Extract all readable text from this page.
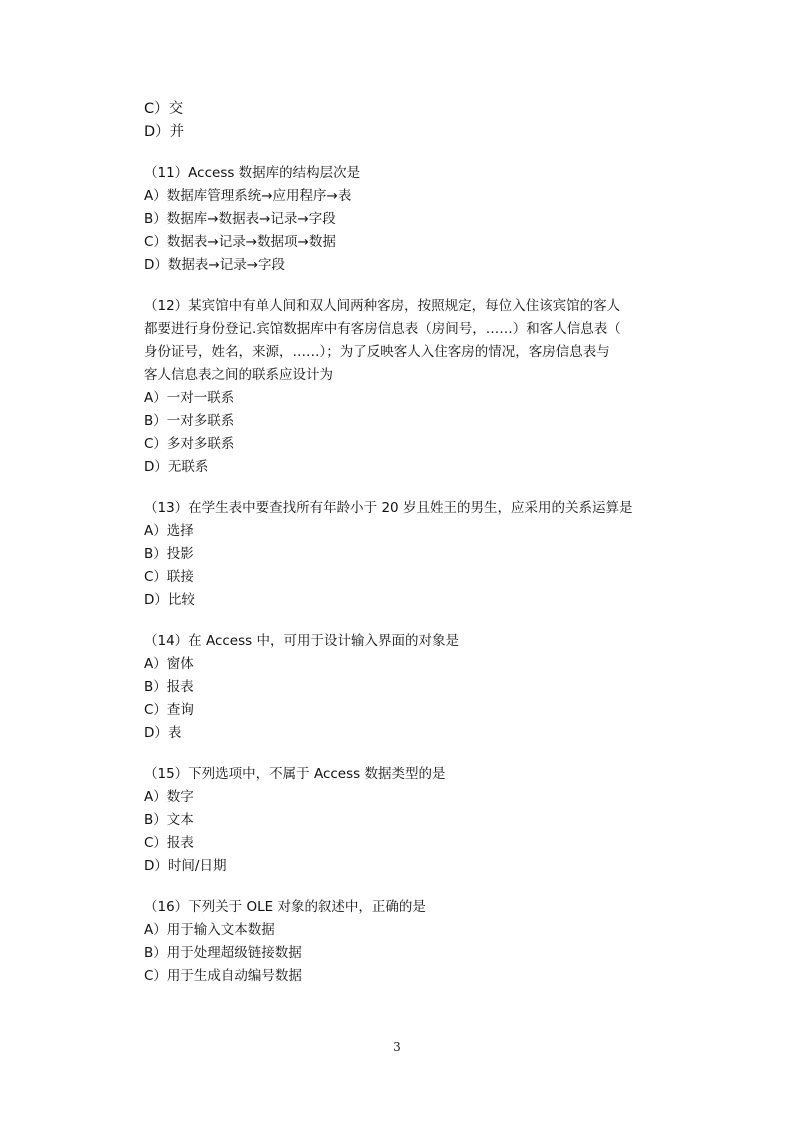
C）交
D）并
（11）Access 数据库的结构层次是
A）数据库管理系统→应用程序→表
B）数据库→数据表→记录→字段
C）数据表→记录→数据项→数据
D）数据表→记录→字段
（12）某宾馆中有单人间和双人间两种客房，按照规定，每位入住该宾馆的客人
都要进行身份登记.宾馆数据库中有客房信息表（房间号，……）和客人信息表（
身份证号，姓名，来源，……）；为了反映客人入住客房的情况，客房信息表与
客人信息表之间的联系应设计为
A）一对一联系
B）一对多联系
C）多对多联系
D）无联系
（13）在学生表中要查找所有年龄小于 20 岁且姓王的男生，应采用的关系运算是
A）选择
B）投影
C）联接
D）比较
（14）在 Access 中，可用于设计输入界面的对象是
A）窗体
B）报表
C）查询
D）表
（15）下列选项中，不属于 Access 数据类型的是
A）数字
B）文本
C）报表
D）时间/日期
（16）下列关于 OLE 对象的叙述中，正确的是
A）用于输入文本数据
B）用于处理超级链接数据
C）用于生成自动编号数据
3
